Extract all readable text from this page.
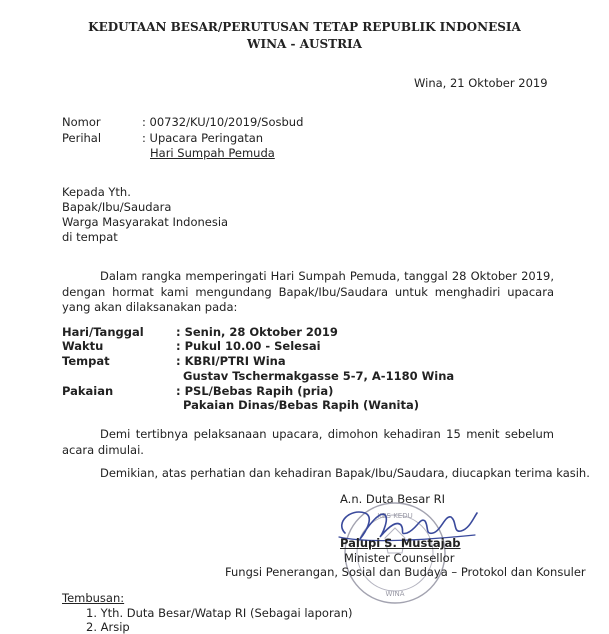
KEDUTAAN BESAR/PERUTUSAN TETAP REPUBLIK INDONESIA
WINA - AUSTRIA
Wina, 21 Oktober 2019
Nomor	: 00732/KU/10/2019/Sosbud
Perihal	: Upacara Peringatan
Hari Sumpah Pemuda
Kepada Yth.
Bapak/Ibu/Saudara
Warga Masyarakat Indonesia
di tempat
Dalam rangka memperingati Hari Sumpah Pemuda, tanggal 28 Oktober 2019, dengan hormat kami mengundang Bapak/Ibu/Saudara untuk menghadiri upacara yang akan dilaksanakan pada:
Hari/Tanggal	: Senin, 28 Oktober 2019
Waktu	: Pukul 10.00 - Selesai
Tempat	: KBRI/PTRI Wina
Gustav Tschermakgasse 5-7, A-1180 Wina
Pakaian	: PSL/Bebas Rapih (pria)
Pakaian Dinas/Bebas Rapih (Wanita)
Demi tertibnya pelaksanaan upacara, dimohon kehadiran 15 menit sebelum acara dimulai.
Demikian, atas perhatian dan kehadiran Bapak/Ibu/Saudara, diucapkan terima kasih.
A.n. Duta Besar RI
KBS KEDU
WINA
Palupi S. Mustajab
Minister Counsellor
Fungsi Penerangan, Sosial dan Budaya – Protokol dan Konsuler
Tembusan:
1. Yth. Duta Besar/Watap RI (Sebagai laporan)
2. Arsip
